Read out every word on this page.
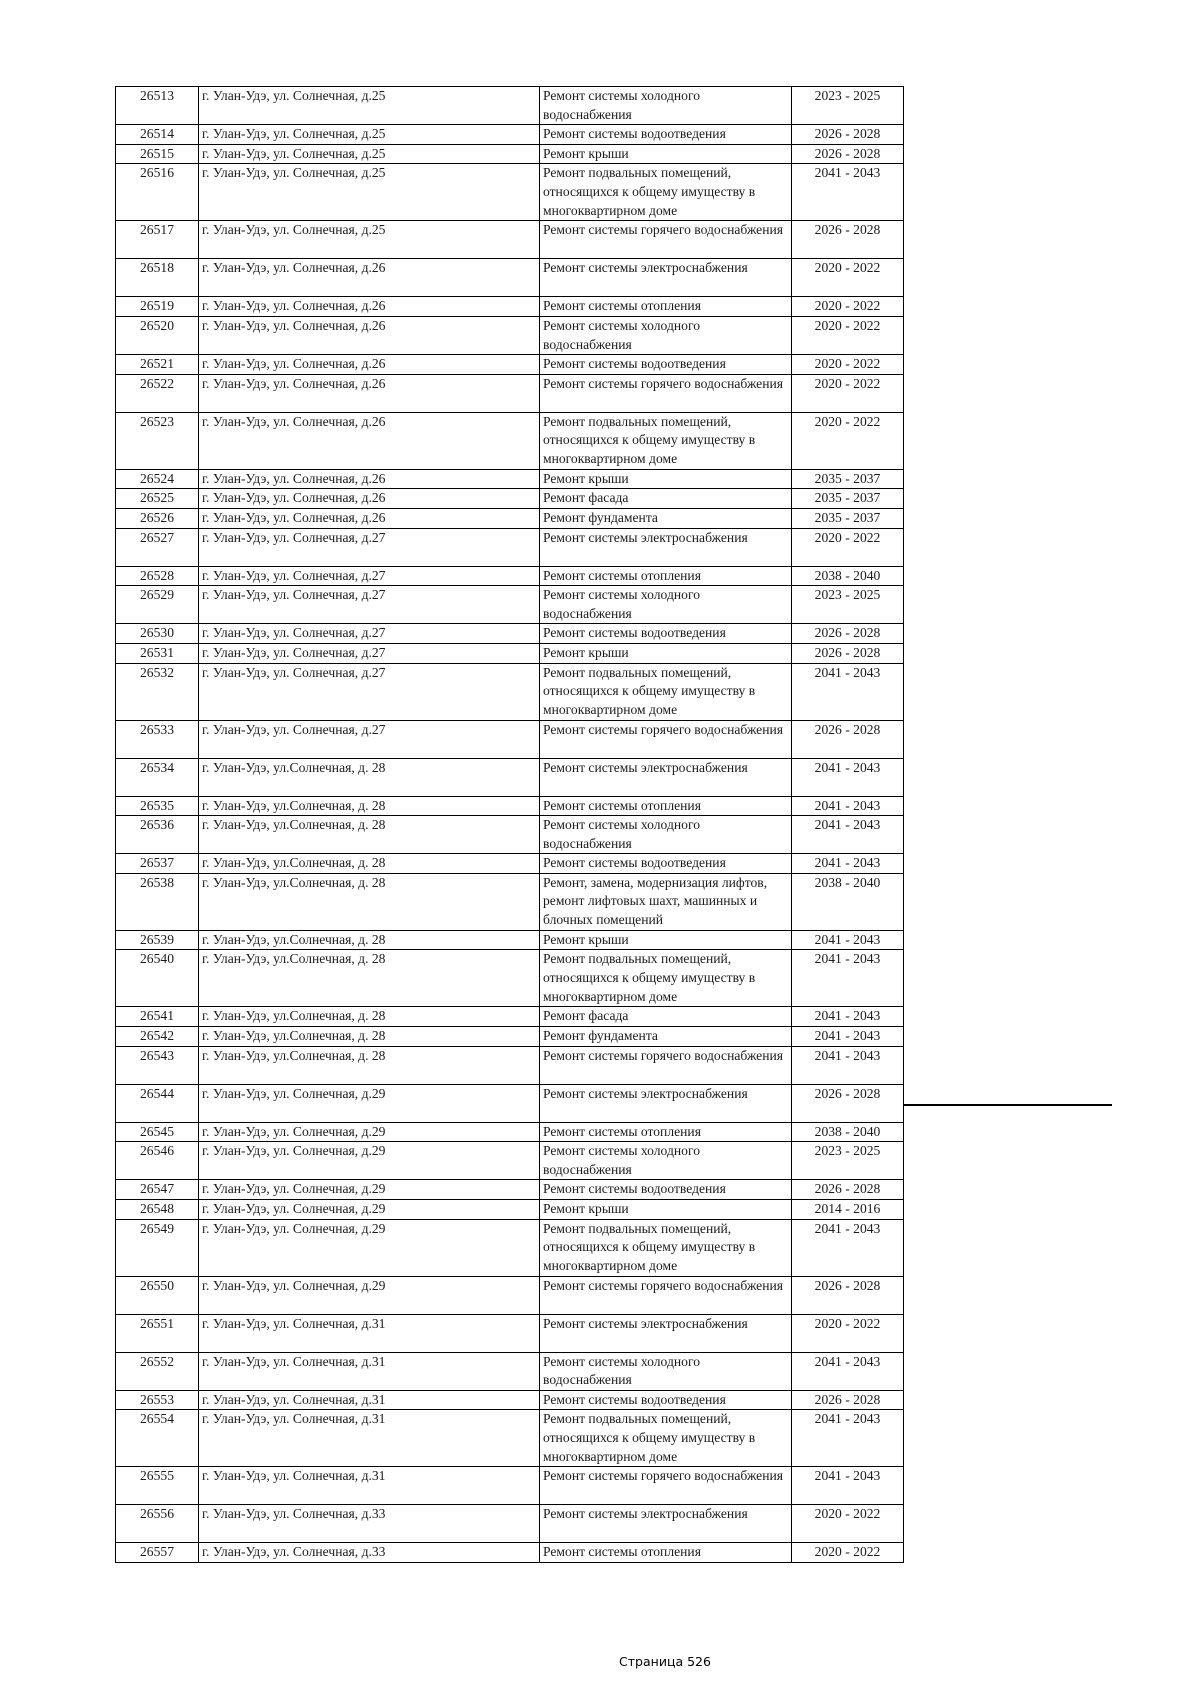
26513	г. Улан-Удэ, ул. Солнечная, д.25	Ремонт системы холодного водоснабжения	2023 - 2025
26514	г. Улан-Удэ, ул. Солнечная, д.25	Ремонт системы водоотведения	2026 - 2028
26515	г. Улан-Удэ, ул. Солнечная, д.25	Ремонт крыши	2026 - 2028
26516	г. Улан-Удэ, ул. Солнечная, д.25	Ремонт подвальных помещений, относящихся к общему имуществу в многоквартирном доме	2041 - 2043
26517	г. Улан-Удэ, ул. Солнечная, д.25	Ремонт системы горячего водоснабжения	2026 - 2028
26518	г. Улан-Удэ, ул. Солнечная, д.26	Ремонт системы электроснабжения	2020 - 2022
26519	г. Улан-Удэ, ул. Солнечная, д.26	Ремонт системы отопления	2020 - 2022
26520	г. Улан-Удэ, ул. Солнечная, д.26	Ремонт системы холодного водоснабжения	2020 - 2022
26521	г. Улан-Удэ, ул. Солнечная, д.26	Ремонт системы водоотведения	2020 - 2022
26522	г. Улан-Удэ, ул. Солнечная, д.26	Ремонт системы горячего водоснабжения	2020 - 2022
26523	г. Улан-Удэ, ул. Солнечная, д.26	Ремонт подвальных помещений, относящихся к общему имуществу в многоквартирном доме	2020 - 2022
26524	г. Улан-Удэ, ул. Солнечная, д.26	Ремонт крыши	2035 - 2037
26525	г. Улан-Удэ, ул. Солнечная, д.26	Ремонт фасада	2035 - 2037
26526	г. Улан-Удэ, ул. Солнечная, д.26	Ремонт фундамента	2035 - 2037
26527	г. Улан-Удэ, ул. Солнечная, д.27	Ремонт системы электроснабжения	2020 - 2022
26528	г. Улан-Удэ, ул. Солнечная, д.27	Ремонт системы отопления	2038 - 2040
26529	г. Улан-Удэ, ул. Солнечная, д.27	Ремонт системы холодного водоснабжения	2023 - 2025
26530	г. Улан-Удэ, ул. Солнечная, д.27	Ремонт системы водоотведения	2026 - 2028
26531	г. Улан-Удэ, ул. Солнечная, д.27	Ремонт крыши	2026 - 2028
26532	г. Улан-Удэ, ул. Солнечная, д.27	Ремонт подвальных помещений, относящихся к общему имуществу в многоквартирном доме	2041 - 2043
26533	г. Улан-Удэ, ул. Солнечная, д.27	Ремонт системы горячего водоснабжения	2026 - 2028
26534	г. Улан-Удэ, ул.Солнечная, д. 28	Ремонт системы электроснабжения	2041 - 2043
26535	г. Улан-Удэ, ул.Солнечная, д. 28	Ремонт системы отопления	2041 - 2043
26536	г. Улан-Удэ, ул.Солнечная, д. 28	Ремонт системы холодного водоснабжения	2041 - 2043
26537	г. Улан-Удэ, ул.Солнечная, д. 28	Ремонт системы водоотведения	2041 - 2043
26538	г. Улан-Удэ, ул.Солнечная, д. 28	Ремонт, замена, модернизация лифтов, ремонт лифтовых шахт, машинных и блочных помещений	2038 - 2040
26539	г. Улан-Удэ, ул.Солнечная, д. 28	Ремонт крыши	2041 - 2043
26540	г. Улан-Удэ, ул.Солнечная, д. 28	Ремонт подвальных помещений, относящихся к общему имуществу в многоквартирном доме	2041 - 2043
26541	г. Улан-Удэ, ул.Солнечная, д. 28	Ремонт фасада	2041 - 2043
26542	г. Улан-Удэ, ул.Солнечная, д. 28	Ремонт фундамента	2041 - 2043
26543	г. Улан-Удэ, ул.Солнечная, д. 28	Ремонт системы горячего водоснабжения	2041 - 2043
26544	г. Улан-Удэ, ул. Солнечная, д.29	Ремонт системы электроснабжения	2026 - 2028
26545	г. Улан-Удэ, ул. Солнечная, д.29	Ремонт системы отопления	2038 - 2040
26546	г. Улан-Удэ, ул. Солнечная, д.29	Ремонт системы холодного водоснабжения	2023 - 2025
26547	г. Улан-Удэ, ул. Солнечная, д.29	Ремонт системы водоотведения	2026 - 2028
26548	г. Улан-Удэ, ул. Солнечная, д.29	Ремонт крыши	2014 - 2016
26549	г. Улан-Удэ, ул. Солнечная, д.29	Ремонт подвальных помещений, относящихся к общему имуществу в многоквартирном доме	2041 - 2043
26550	г. Улан-Удэ, ул. Солнечная, д.29	Ремонт системы горячего водоснабжения	2026 - 2028
26551	г. Улан-Удэ, ул. Солнечная, д.31	Ремонт системы электроснабжения	2020 - 2022
26552	г. Улан-Удэ, ул. Солнечная, д.31	Ремонт системы холодного водоснабжения	2041 - 2043
26553	г. Улан-Удэ, ул. Солнечная, д.31	Ремонт системы водоотведения	2026 - 2028
26554	г. Улан-Удэ, ул. Солнечная, д.31	Ремонт подвальных помещений, относящихся к общему имуществу в многоквартирном доме	2041 - 2043
26555	г. Улан-Удэ, ул. Солнечная, д.31	Ремонт системы горячего водоснабжения	2041 - 2043
26556	г. Улан-Удэ, ул. Солнечная, д.33	Ремонт системы электроснабжения	2020 - 2022
26557	г. Улан-Удэ, ул. Солнечная, д.33	Ремонт системы отопления	2020 - 2022
Страница 526
